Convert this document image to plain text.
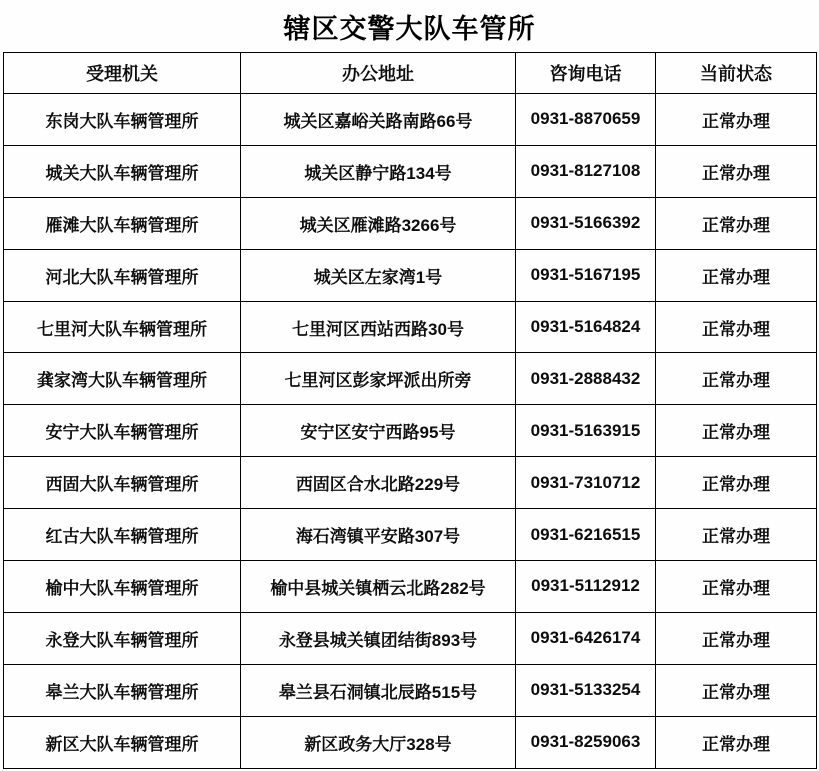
辖区交警大队车管所
受理机关	办公地址	咨询电话	当前状态
东岗大队车辆管理所	城关区嘉峪关路南路66号	0931-8870659	正常办理
城关大队车辆管理所	城关区静宁路134号	0931-8127108	正常办理
雁滩大队车辆管理所	城关区雁滩路3266号	0931-5166392	正常办理
河北大队车辆管理所	城关区左家湾1号	0931-5167195	正常办理
七里河大队车辆管理所	七里河区西站西路30号	0931-5164824	正常办理
龚家湾大队车辆管理所	七里河区彭家坪派出所旁	0931-2888432	正常办理
安宁大队车辆管理所	安宁区安宁西路95号	0931-5163915	正常办理
西固大队车辆管理所	西固区合水北路229号	0931-7310712	正常办理
红古大队车辆管理所	海石湾镇平安路307号	0931-6216515	正常办理
榆中大队车辆管理所	榆中县城关镇栖云北路282号	0931-5112912	正常办理
永登大队车辆管理所	永登县城关镇团结街893号	0931-6426174	正常办理
皋兰大队车辆管理所	皋兰县石洞镇北辰路515号	0931-5133254	正常办理
新区大队车辆管理所	新区政务大厅328号	0931-8259063	正常办理
